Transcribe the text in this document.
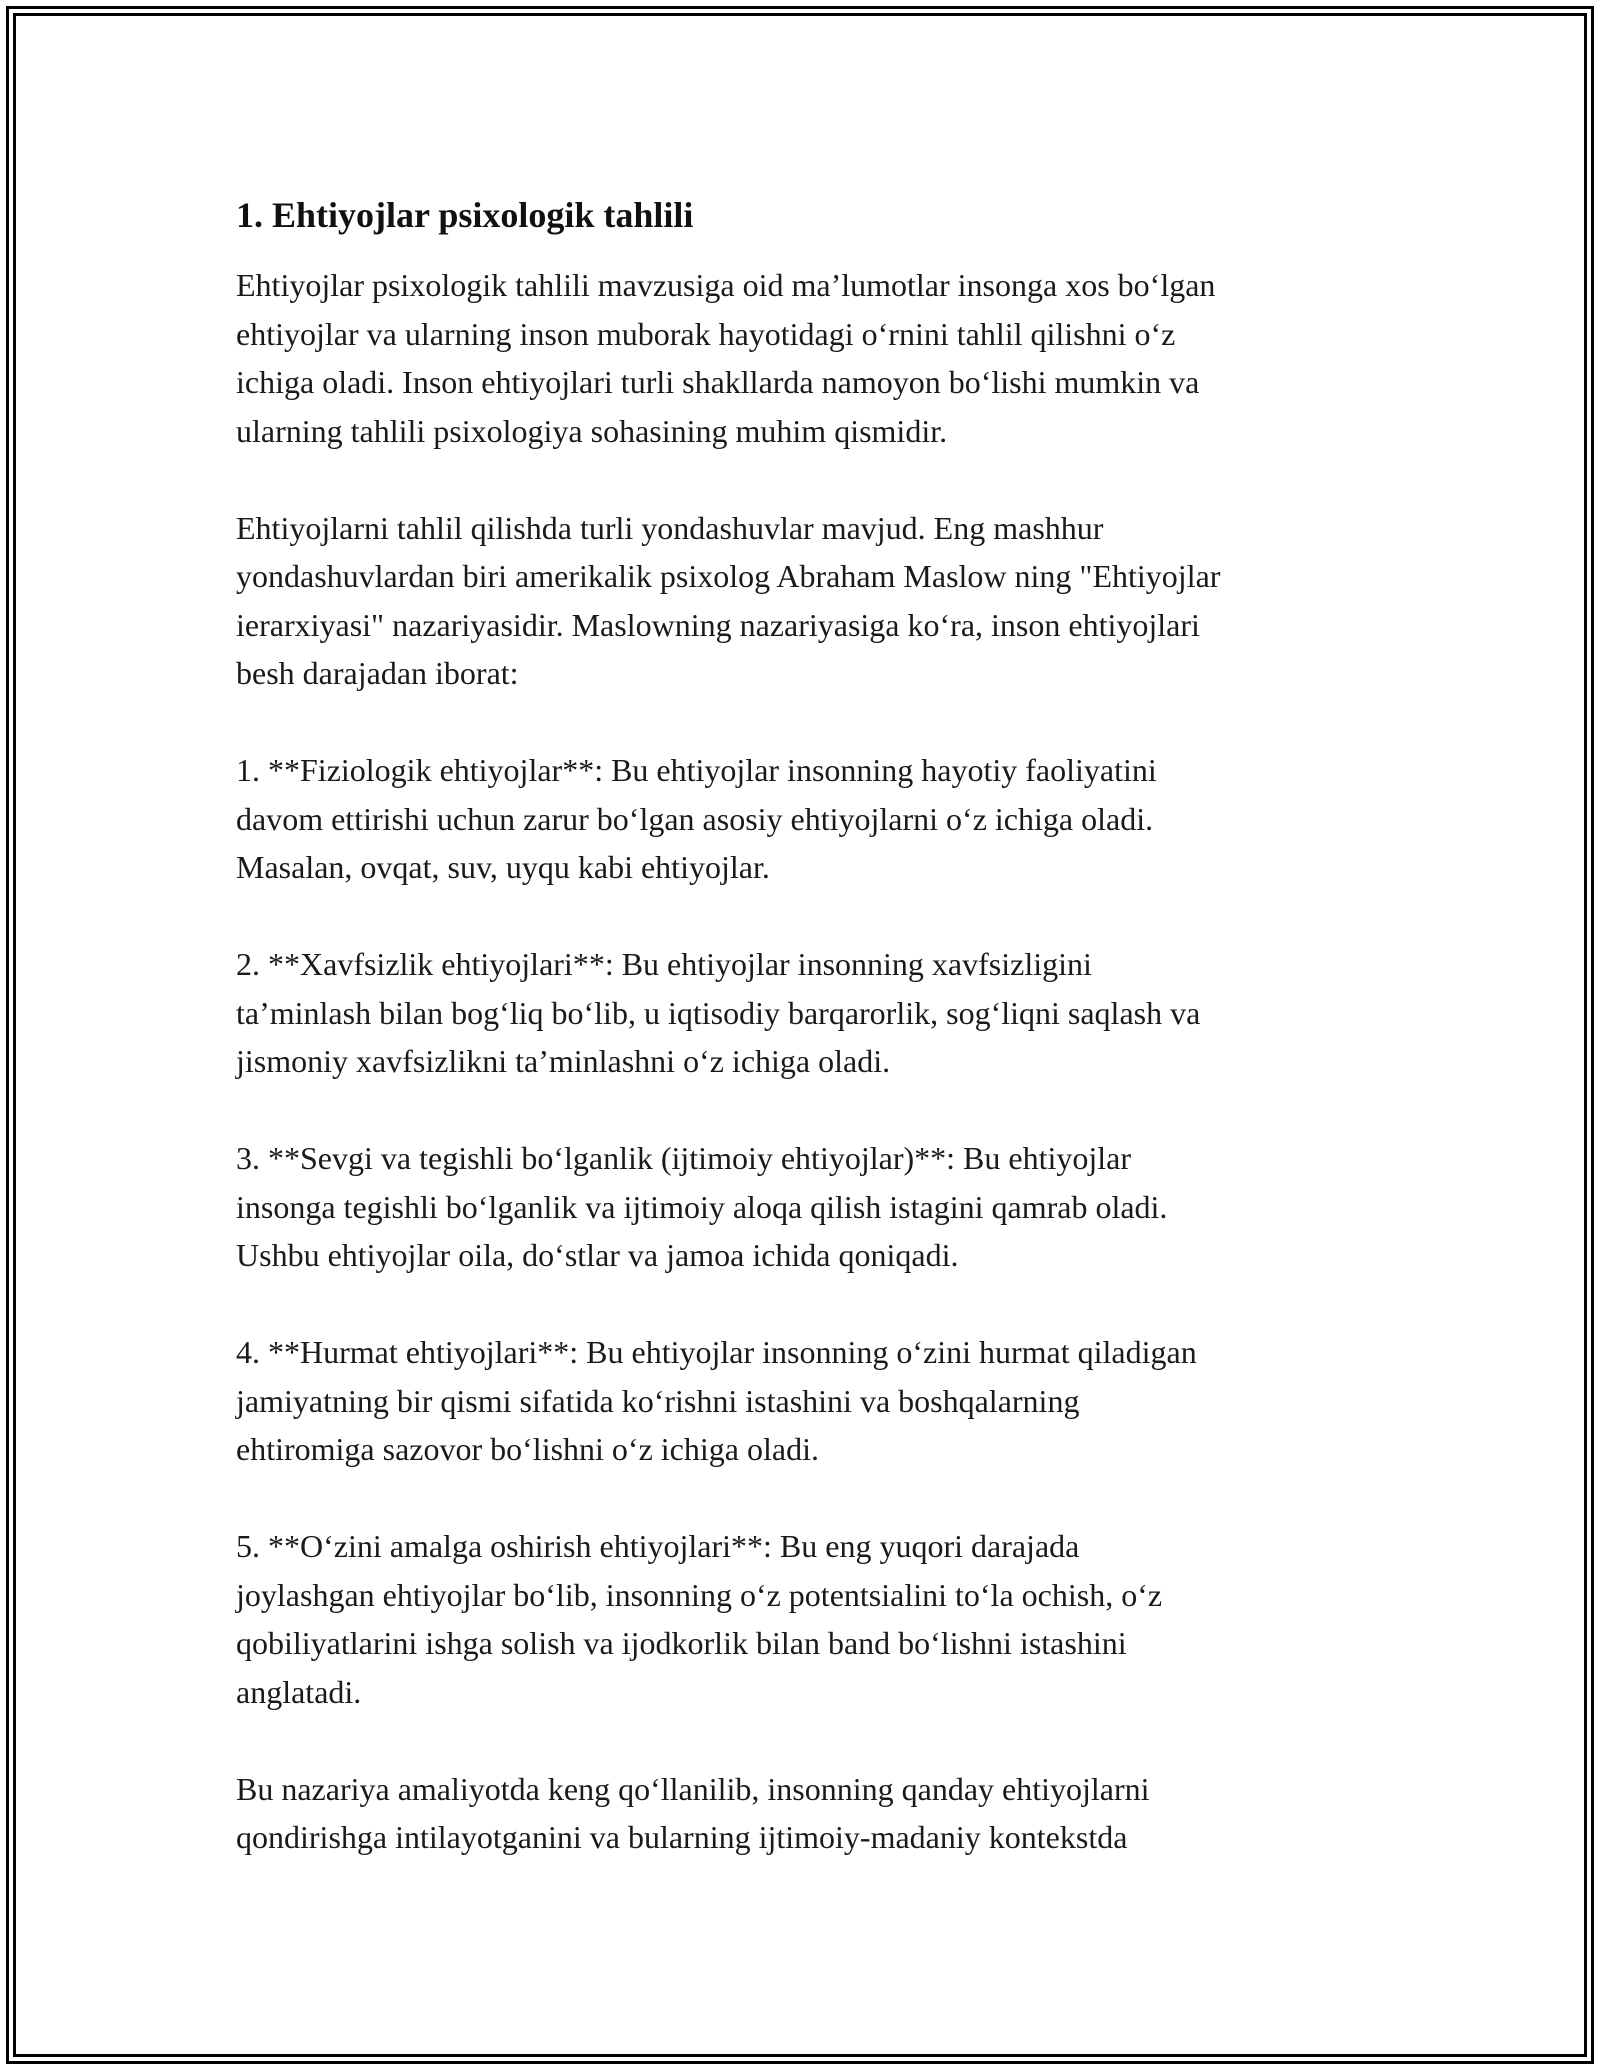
1. Ehtiyojlar psixologik tahlili

Ehtiyojlar psixologik tahlili mavzusiga oid ma’lumotlar insonga xos bo‘lgan
ehtiyojlar va ularning inson muborak hayotidagi o‘rnini tahlil qilishni o‘z
ichiga oladi. Inson ehtiyojlari turli shakllarda namoyon bo‘lishi mumkin va
ularning tahlili psixologiya sohasining muhim qismidir.

Ehtiyojlarni tahlil qilishda turli yondashuvlar mavjud. Eng mashhur
yondashuvlardan biri amerikalik psixolog Abraham Maslow ning "Ehtiyojlar
ierarxiyasi" nazariyasidir. Maslowning nazariyasiga ko‘ra, inson ehtiyojlari
besh darajadan iborat:

1. **Fiziologik ehtiyojlar**: Bu ehtiyojlar insonning hayotiy faoliyatini
davom ettirishi uchun zarur bo‘lgan asosiy ehtiyojlarni o‘z ichiga oladi.
Masalan, ovqat, suv, uyqu kabi ehtiyojlar.

2. **Xavfsizlik ehtiyojlari**: Bu ehtiyojlar insonning xavfsizligini
ta’minlash bilan bog‘liq bo‘lib, u iqtisodiy barqarorlik, sog‘liqni saqlash va
jismoniy xavfsizlikni ta’minlashni o‘z ichiga oladi.

3. **Sevgi va tegishli bo‘lganlik (ijtimoiy ehtiyojlar)**: Bu ehtiyojlar
insonga tegishli bo‘lganlik va ijtimoiy aloqa qilish istagini qamrab oladi.
Ushbu ehtiyojlar oila, do‘stlar va jamoa ichida qoniqadi.

4. **Hurmat ehtiyojlari**: Bu ehtiyojlar insonning o‘zini hurmat qiladigan
jamiyatning bir qismi sifatida ko‘rishni istashini va boshqalarning
ehtiromiga sazovor bo‘lishni o‘z ichiga oladi.

5. **O‘zini amalga oshirish ehtiyojlari**: Bu eng yuqori darajada
joylashgan ehtiyojlar bo‘lib, insonning o‘z potentsialini to‘la ochish, o‘z
qobiliyatlarini ishga solish va ijodkorlik bilan band bo‘lishni istashini
anglatadi.

Bu nazariya amaliyotda keng qo‘llanilib, insonning qanday ehtiyojlarni
qondirishga intilayotganini va bularning ijtimoiy-madaniy kontekstda
